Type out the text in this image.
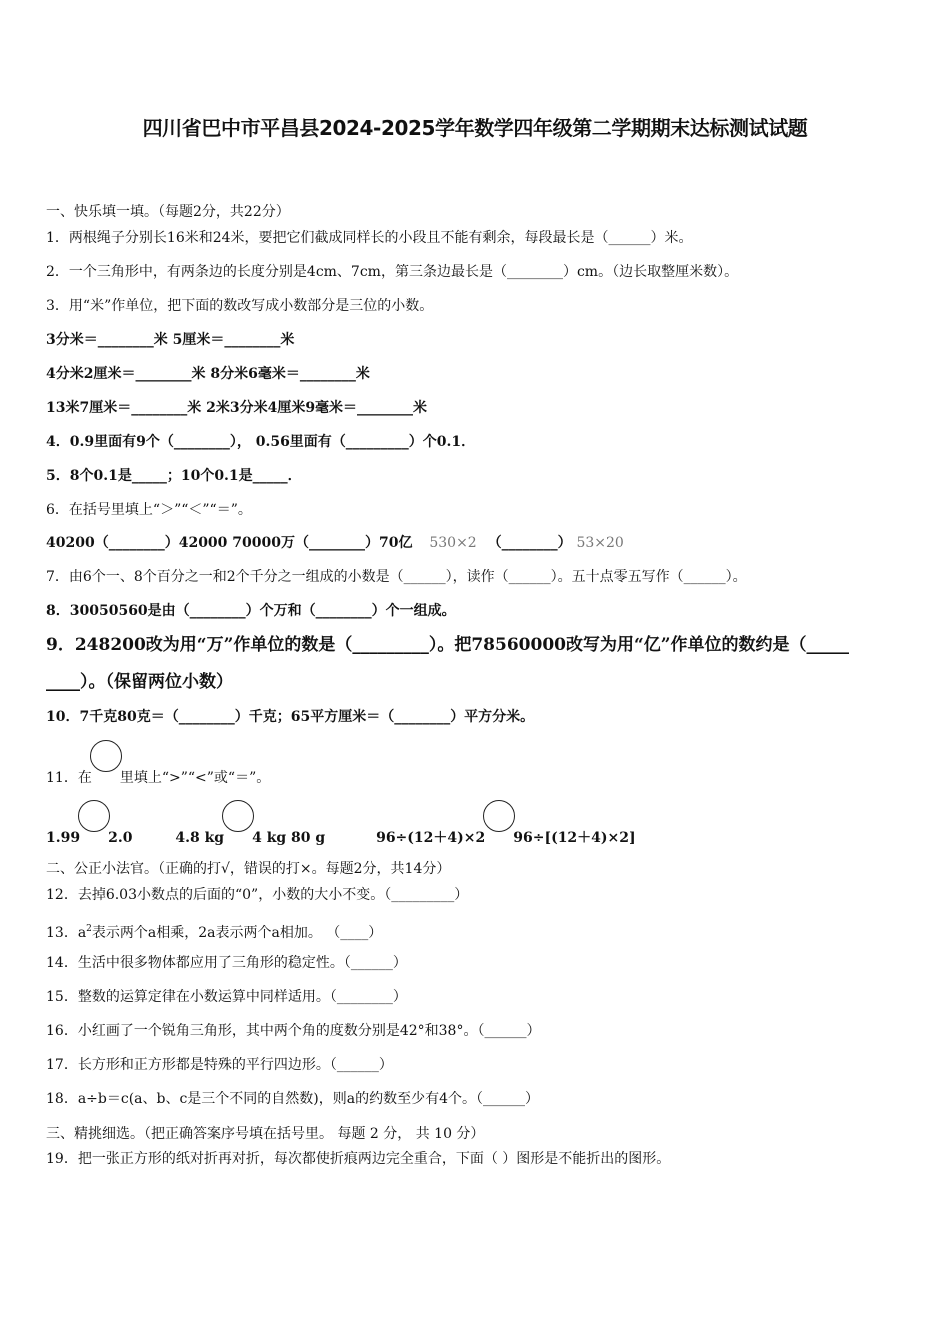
四川省巴中市平昌县2024-2025学年数学四年级第二学期期末达标测试试题
一、快乐填一填。（每题2分，共22分）
1．两根绳子分别长16米和24米，要把它们截成同样长的小段且不能有剩余，每段最长是（______）米。
2．一个三角形中，有两条边的长度分别是4cm、7cm，第三条边最长是（________）cm。（边长取整厘米数）。
3．用“米”作单位，把下面的数改写成小数部分是三位的小数。
3分米＝________米 5厘米＝________米
4分米2厘米＝________米 8分米6毫米＝________米
13米7厘米＝________米 2米3分米4厘米9毫米＝________米
4．0.9里面有9个（________）， 0.56里面有（_________）个0.1．
5．8个0.1是_____；10个0.1是_____．
6．在括号里填上“＞”“＜”“＝”。
40200（________）42000 70000万（________）70亿 530×2 （________） 53×20
7．由6个一、8个百分之一和2个千分之一组成的小数是（______），读作（______）。五十点零五写作（______）。
8．30050560是由（________）个万和（________）个一组成。
9．248200改为用“万”作单位的数是（_________）。把78560000改写为用“亿”作单位的数约是（_____
____）。（保留两位小数）
10．7千克80克＝（________）千克；65平方厘米＝（________）平方分米。
11．在 里填上“>”“<”或“＝”。
1.99 2.0	4.8 kg 4 kg 80 g	96÷(12＋4)×2 96÷[(12＋4)×2]
二、公正小法官。（正确的打√，错误的打×。每题2分，共14分）
12．去掉6.03小数点的后面的“0”，小数的大小不变。（_________）
13．$a^2$表示两个a相乘，2a表示两个a相加。 （____）
14．生活中很多物体都应用了三角形的稳定性。（______）
15．整数的运算定律在小数运算中同样适用。（________）
16．小红画了一个锐角三角形，其中两个角的度数分别是42°和38°。（______）
17．长方形和正方形都是特殊的平行四边形。（______）
18．a÷b＝c(a、b、c是三个不同的自然数)，则a的约数至少有4个。（______）
三、精挑细选。（把正确答案序号填在括号里。 每题 2 分， 共 10 分）
19．把一张正方形的纸对折再对折，每次都使折痕两边完全重合，下面（ ）图形是不能折出的图形。
